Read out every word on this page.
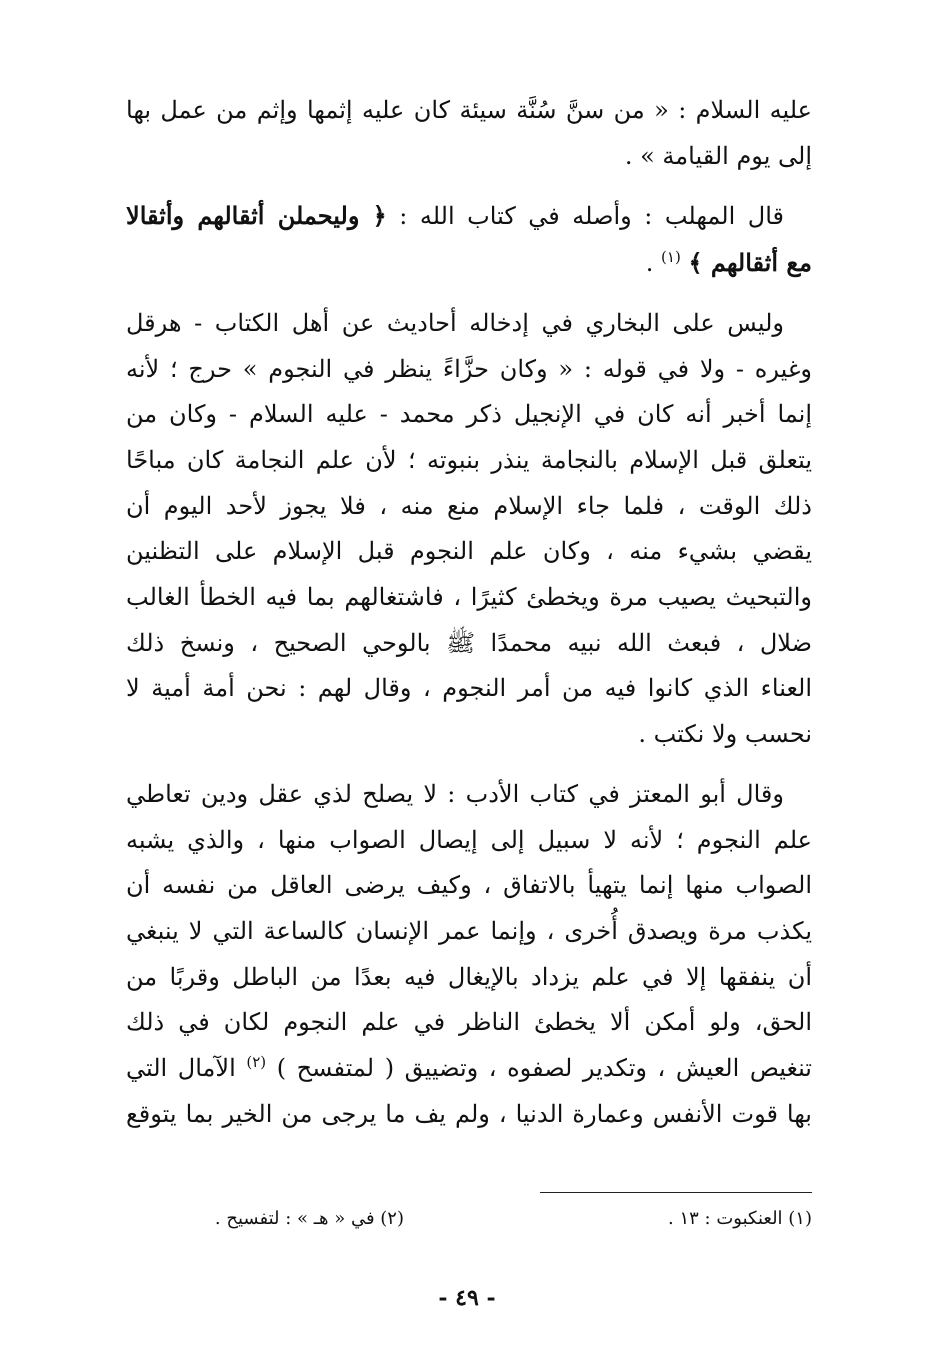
عليه السلام : « من سنَّ سُنَّة سيئة كان عليه إثمها وإثم من عمل بها
إلى يوم القيامة » .

قال المهلب : وأصله في كتاب الله : ﴿ وليحملن أثقالهم وأثقالا
مع أثقالهم ﴾ $^{(١)}$ .

وليس على البخاري في إدخاله أحاديث عن أهل الكتاب - هرقل
وغيره - ولا في قوله : « وكان حزَّاءً ينظر في النجوم » حرج ؛ لأنه
إنما أخبر أنه كان في الإنجيل ذكر محمد - عليه السلام - وكان من
يتعلق قبل الإسلام بالنجامة ينذر بنبوته ؛ لأن علم النجامة كان مباحًا
ذلك الوقت ، فلما جاء الإسلام منع منه ، فلا يجوز لأحد اليوم أن
يقضي بشيء منه ، وكان علم النجوم قبل الإسلام على التظنين
والتبحيث يصيب مرة ويخطئ كثيرًا ، فاشتغالهم بما فيه الخطأ الغالب
ضلال ، فبعث الله نبيه محمدًا ﷺ بالوحي الصحيح ، ونسخ ذلك
العناء الذي كانوا فيه من أمر النجوم ، وقال لهم : نحن أمة أمية لا
نحسب ولا نكتب .

وقال أبو المعتز في كتاب الأدب : لا يصلح لذي عقل ودين تعاطي
علم النجوم ؛ لأنه لا سبيل إلى إيصال الصواب منها ، والذي يشبه
الصواب منها إنما يتهيأ بالاتفاق ، وكيف يرضى العاقل من نفسه أن
يكذب مرة ويصدق أُخرى ، وإنما عمر الإنسان كالساعة التي لا ينبغي
أن ينفقها إلا في علم يزداد بالإيغال فيه بعدًا من الباطل وقربًا من
الحق، ولو أمكن ألا يخطئ الناظر في علم النجوم لكان في ذلك
تنغيص العيش ، وتكدير لصفوه ، وتضييق ( لمتفسح ) $^{(٢)}$ الآمال التي
بها قوت الأنفس وعمارة الدنيا ، ولم يف ما يرجى من الخير بما يتوقع

(١) العنكبوت : ١٣ .
(٢) في « هـ » : لتفسيح .
- ٤٩ -
